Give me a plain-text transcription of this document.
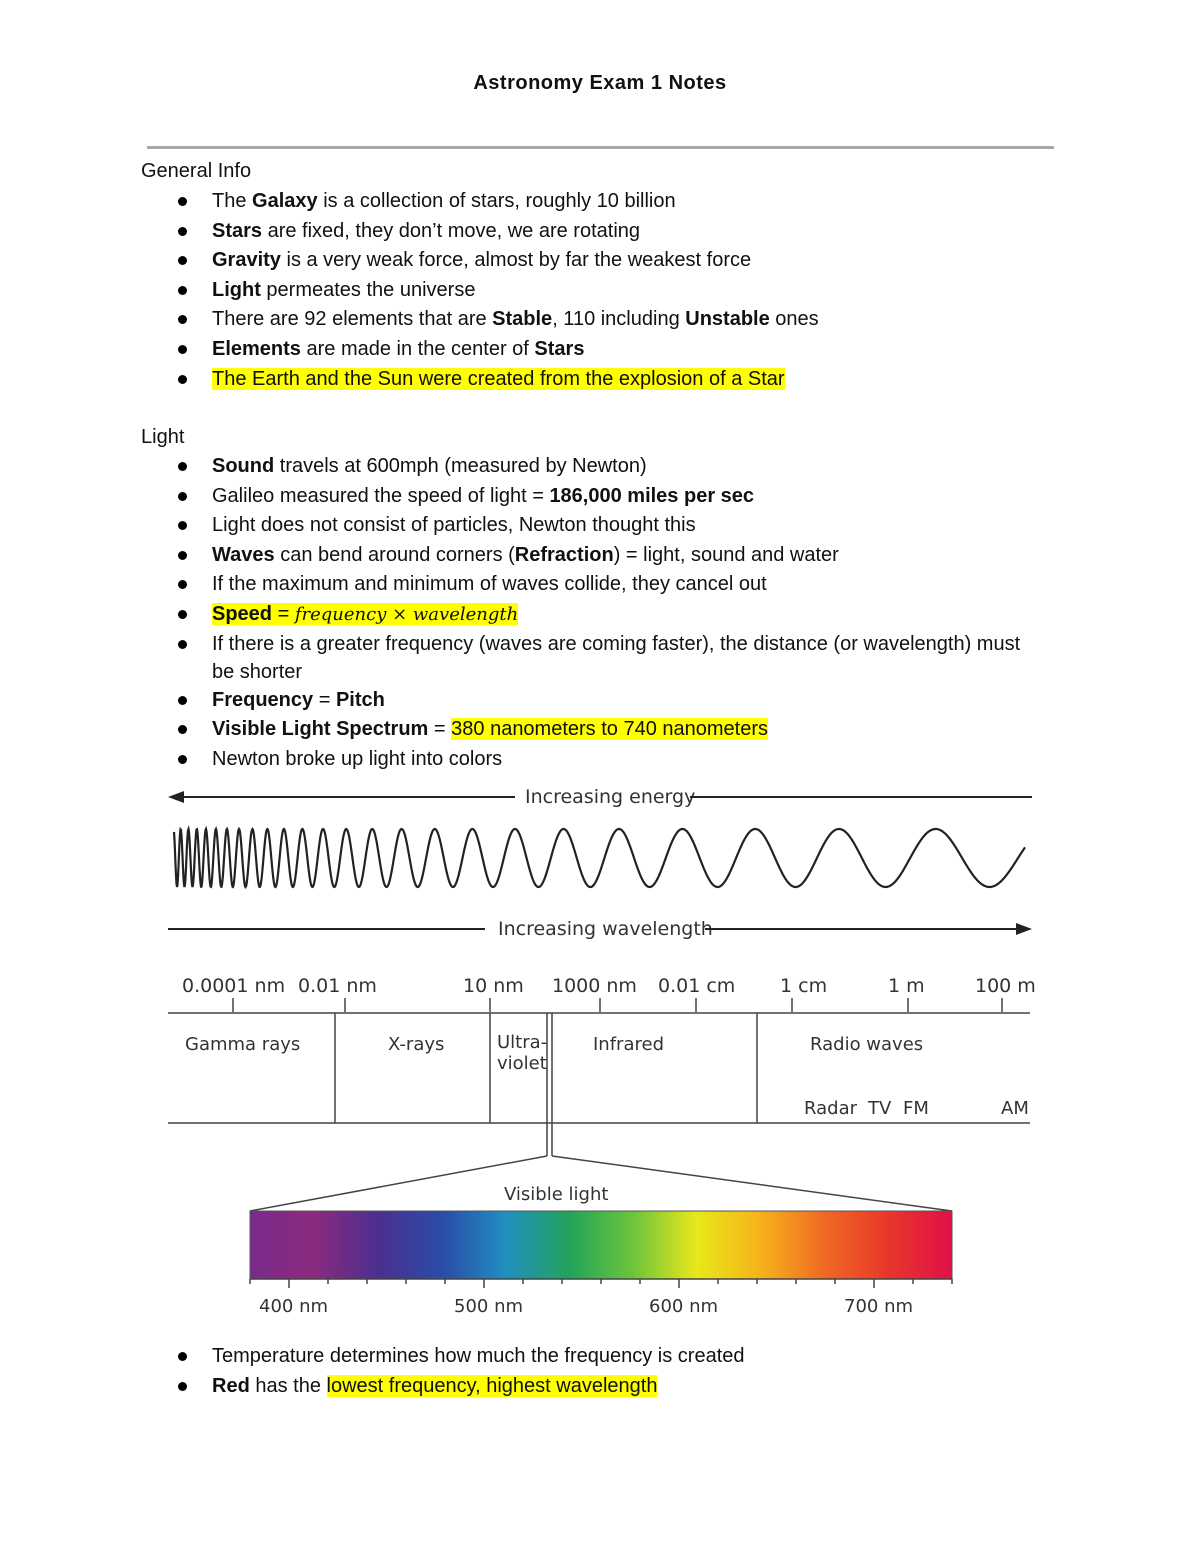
Astronomy Exam 1 Notes
General Info
The Galaxy is a collection of stars, roughly 10 billion
Stars are fixed, they don’t move, we are rotating
Gravity is a very weak force, almost by far the weakest force
Light permeates the universe
There are 92 elements that are Stable, 110 including Unstable ones
Elements are made in the center of Stars
The Earth and the Sun were created from the explosion of a Star
Light
Sound travels at 600mph (measured by Newton)
Galileo measured the speed of light = 186,000 miles per sec
Light does not consist of particles, Newton thought this
Waves can bend around corners (Refraction) = light, sound and water
If the maximum and minimum of waves collide, they cancel out
Speed = frequency × wavelength
If there is a greater frequency (waves are coming faster), the distance (or wavelength) must be shorter
Frequency = Pitch
Visible Light Spectrum = 380 nanometers to 740 nanometers
Newton broke up light into colors
Increasing energy
Increasing wavelength
0.0001 nm 0.01 nm	10 nm 1000 nm 0.01 cm 1 cm	1 m	100 m
Gamma rays	X-rays	Ultra-
violet
Infrared	Radio waves
Radar TV FM	AM
Visible light
400 nm	500 nm	600 nm	700 nm
Temperature determines how much the frequency is created
Red has the lowest frequency, highest wavelength
